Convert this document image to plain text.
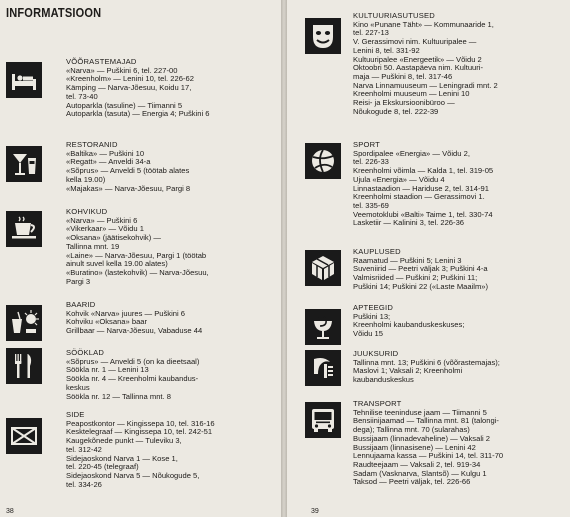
INFORMATSIOON
VÕÕRASTEMAJAD
«Narva» — Puškini 6, tel. 227-00
«Kreenholm» — Lenini 10, tel. 226-62
Kämping — Narva-Jõesuu, Koidu 17,
tel. 73-40
Autoparkla (tasuline) — Tiimanni 5
Autoparkla (tasuta) — Energia 4; Puškini 6
RESTORANID
«Baltika» — Puškini 10
«Regatt» — Anveldi 34-a
«Sõprus» — Anveldi 5 (töötab alates
kella 19.00)
«Majakas» — Narva-Jõesuu, Pargi 8
KOHVIKUD
«Narva» — Puškini 6
«Vikerkaar» — Võidu 1
«Oksana» (jäätisekohvik) —
Tallinna mnt. 19
«Laine» — Narva-Jõesuu, Pargi 1 (töötab
ainult suvel kella 19.00 alates)
«Buratino» (lastekohvik) — Narva-Jõesuu,
Pargi 3
BAARID
Kohvik «Narva» juures — Puškini 6
Kohviku «Oksana» baar
Grillbaar — Narva-Jõesuu, Vabaduse 44
SÖÖKLAD
«Sõprus» — Anveldi 5 (on ka dieetsaal)
Söökla nr. 1 — Lenini 13
Söökla nr. 4 — Kreenholmi kaubandus-
keskus
Söökla nr. 12 — Tallinna mnt. 8
SIDE
Peapostkontor — Kingissepa 10, tel. 316-16
Kesktelegraaf — Kingissepa 10, tel. 242-51
Kaugekõnede punkt — Tuleviku 3,
tel. 312-42
Sidejaoskond Narva 1 — Kose 1,
tel. 220-45 (telegraaf)
Sidejaoskond Narva 5 — Nõukogude 5,
tel. 334-26
38
KULTUURIASUTUSED
Kino «Punane Täht» — Kommunaaride 1,
tel. 227-13
V. Gerassimovi nim. Kultuuripalee —
Lenini 8, tel. 331-92
Kultuuripalee «Energeetik» — Võidu 2
Oktoobri 50. Aastapäeva nim. Kultuuri-
maja — Puškini 8, tel. 317-46
Narva Linnamuuseum — Leningradi mnt. 2
Kreenholmi muuseum — Lenini 10
Reisi- ja Ekskursioonibüroo —
Nõukogude 8, tel. 222-39
SPORT
Spordipalee «Energia» — Võidu 2,
tel. 226-33
Kreenholmi võimla — Kalda 1, tel. 319-05
Ujula «Energia» — Võidu 4
Linnastaadion — Hariduse 2, tel. 314-91
Kreenholmi staadion — Gerassimovi 1.
tel. 335-69
Veemotoklubi «Balti» Taime 1, tel. 330-74
Lasketiir — Kalinini 3, tel. 226-36
KAUPLUSED
Raamatud — Puškini 5; Lenini 3
Suveniirid — Peetri väljak 3; Puškini 4-a
Valmisriided — Puškini 2; Puškini 11;
Puškini 14; Puškini 22 («Laste Maailm»)
APTEEGID
Puškini 13;
Kreenholmi kaubanduskeskuses;
Võidu 15
JUUKSURID
Tallinna mnt. 13; Puškini 6 (võõrastemajas);
Maslovi 1; Vaksali 2; Kreenholmi
kaubanduskeskus
TRANSPORT
Tehnilise teeninduse jaam — Tiimanni 5
Bensiinijaamad — Tallinna mnt. 81 (talongi-
dega); Tallinna mnt. 70 (sularahas)
Bussijaam (linnadevaheline) — Vaksali 2
Bussijaam (linnasisene) — Lenini 42
Lennujaama kassa — Puškini 14, tel. 311-70
Raudteejaam — Vaksali 2, tel. 919-34
Sadam (Vasknarva, Slantsõ) — Kulgu 1
Taksod — Peetri väljak, tel. 226-66
39
